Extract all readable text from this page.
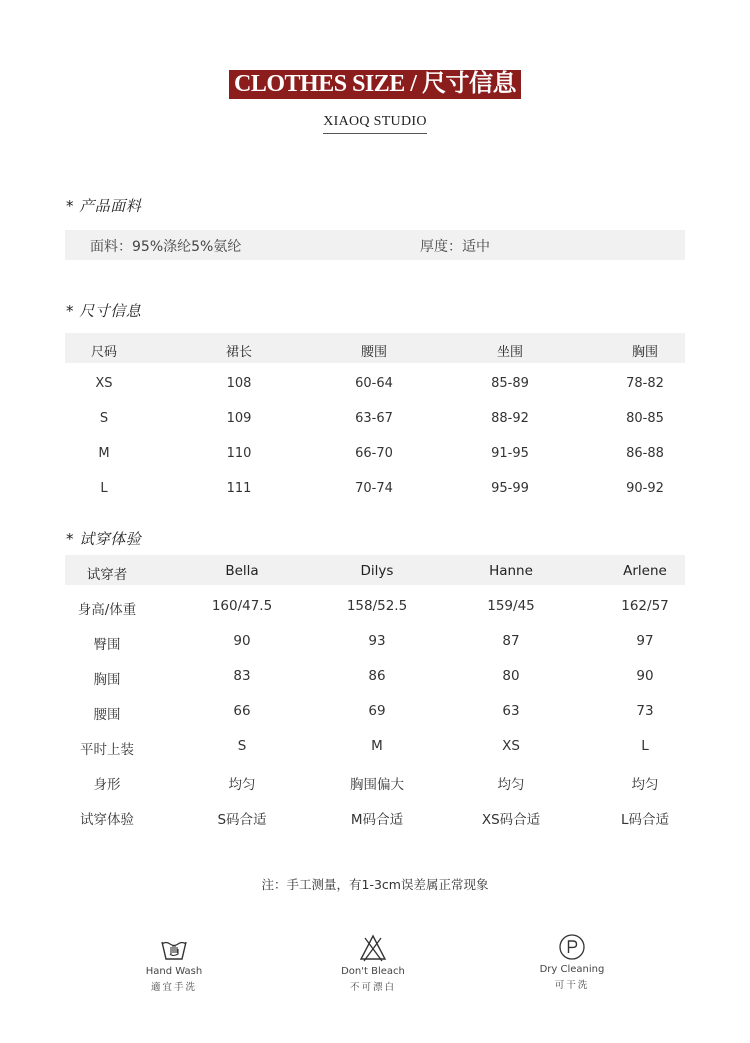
CLOTHES SIZE / 尺寸信息
XIAOQ STUDIO
* 产品面料
面料：95%涤纶5%氨纶	厚度：适中
* 尺寸信息
尺码	裙长	腰围	坐围	胸围
XS	108	60-64	85-89	78-82
S	109	63-67	88-92	80-85
M	110	66-70	91-95	86-88
L	111	70-74	95-99	90-92
* 试穿体验
试穿者	Bella	Dilys	Hanne	Arlene
身高/体重	160/47.5	158/52.5	159/45	162/57
臀围	90	93	87	97
胸围	83	86	80	90
腰围	66	69	63	73
平时上装	S	M	XS	L
身形	均匀	胸围偏大	均匀	均匀
试穿体验	S码合适	M码合适	XS码合适	L码合适
注：手工测量，有1-3cm误差属正常现象
Hand Wash
適宜手洗
Don't Bleach
不可漂白
Dry Cleaning
可干洗
